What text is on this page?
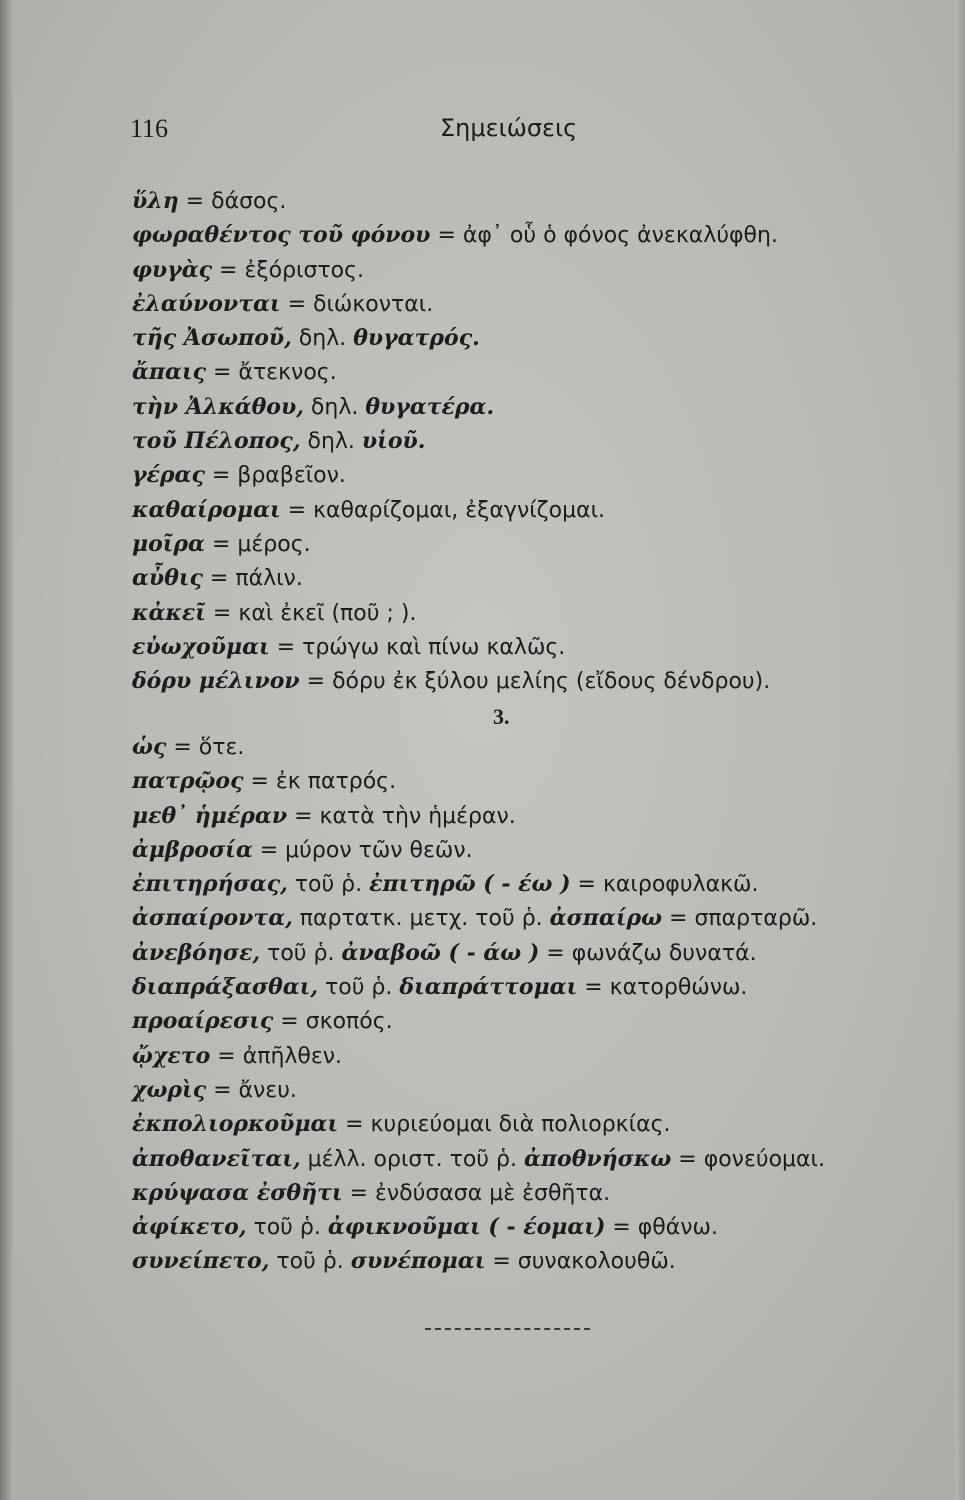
116	Σημειώσεις
ὕλη = δάσος.
φωραθέντος τοῦ φόνου = ἀφ᾽ οὗ ὁ φόνος ἀνεκαλύφθη.
φυγὰς = ἐξόριστος.
ἐλαύνονται = διώκονται.
τῆς Ἀσωποῦ, δηλ. θυγατρός.
ἄπαις = ἄτεκνος.
τὴν Ἀλκάθου, δηλ. θυγατέρα.
τοῦ Πέλοπος, δηλ. υἱοῦ.
γέρας = βραβεῖον.
καθαίρομαι = καθαρίζομαι, ἐξαγνίζομαι.
μοῖρα = μέρος.
αὖθις = πάλιν.
κἀκεῖ = καὶ ἐκεῖ (ποῦ ; ).
εὐωχοῦμαι = τρώγω καὶ πίνω καλῶς.
δόρυ μέλινον = δόρυ ἐκ ξύλου μελίης (εἴδους δένδρου).
3.
ὡς = ὅτε.
πατρῷος = ἐκ πατρός.
μεθ᾽ ἡμέραν = κατὰ τὴν ἡμέραν.
ἀμβροσία = μύρον τῶν θεῶν.
ἐπιτηρήσας, τοῦ ῥ. ἐπιτηρῶ ( - έω ) = καιροφυλακῶ.
ἀσπαίροντα, παρτατκ. μετχ. τοῦ ῥ. ἀσπαίρω = σπαρταρῶ.
ἀνεβόησε, τοῦ ῥ. ἀναβοῶ ( - άω ) = φωνάζω δυνατά.
διαπράξασθαι, τοῦ ῥ. διαπράττομαι = κατορθώνω.
προαίρεσις = σκοπός.
ᾤχετο = ἀπῆλθεν.
χωρὶς = ἄνευ.
ἐκπολιορκοῦμαι = κυριεύομαι διὰ πολιορκίας.
ἀποθανεῖται, μέλλ. οριστ. τοῦ ῥ. ἀποθνήσκω = φονεύομαι.
κρύψασα ἐσθῆτι = ἐνδύσασα μὲ ἐσθῆτα.
ἀφίκετο, τοῦ ῥ. ἀφικνοῦμαι ( - έομαι) = φθάνω.
συνείπετο, τοῦ ῥ. συνέπομαι = συνακολουθῶ.
